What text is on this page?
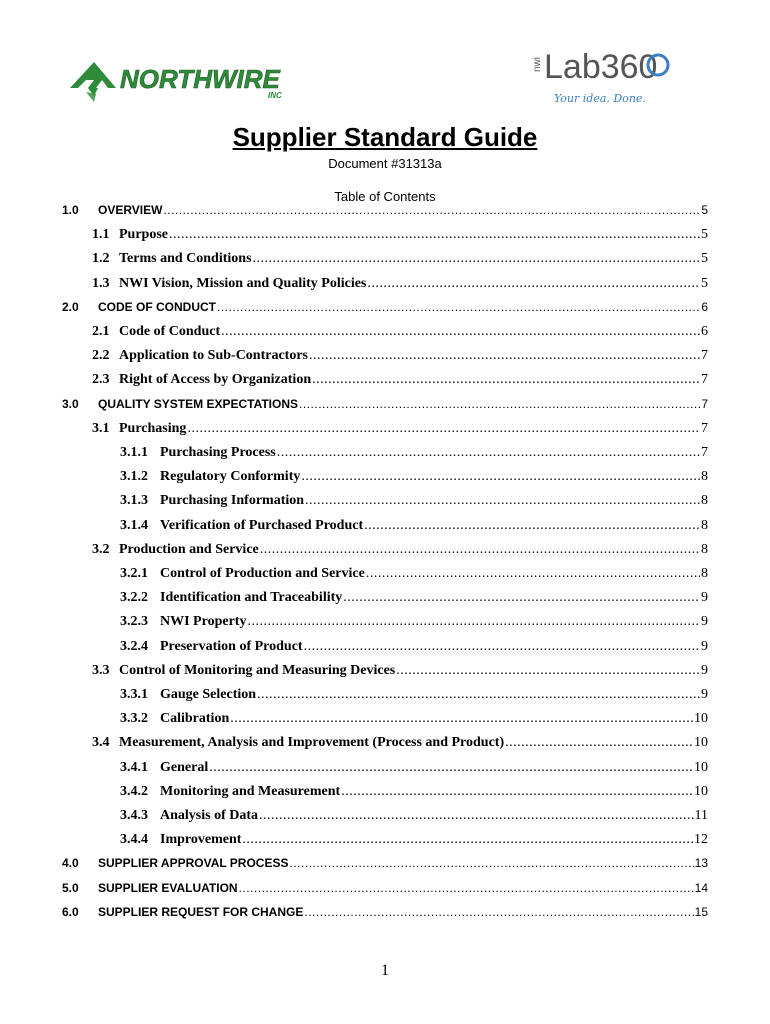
NORTHWIRE
INC
nwi Lab360
Your idea. Done.
Supplier Standard Guide
Document #31313a
Table of Contents
1.0	OVERVIEW .....	5
1.1 Purpose .....	5
1.2 Terms and Conditions .....	5
1.3 NWI Vision, Mission and Quality Policies .....	5
2.0	CODE OF CONDUCT .....	6
2.1 Code of Conduct .....	6
2.2 Application to Sub-Contractors .....	7
2.3 Right of Access by Organization .....	7
3.0	QUALITY SYSTEM EXPECTATIONS .....	7
3.1 Purchasing .....	7
3.1.1 Purchasing Process .....	7
3.1.2 Regulatory Conformity .....	8
3.1.3 Purchasing Information .....	8
3.1.4 Verification of Purchased Product .....	8
3.2 Production and Service .....	8
3.2.1 Control of Production and Service .....	8
3.2.2 Identification and Traceability .....	9
3.2.3 NWI Property .....	9
3.2.4 Preservation of Product .....	9
3.3 Control of Monitoring and Measuring Devices .....	9
3.3.1 Gauge Selection .....	9
3.3.2 Calibration .....	10
3.4 Measurement, Analysis and Improvement (Process and Product) .....	10
3.4.1 General .....	10
3.4.2 Monitoring and Measurement .....	10
3.4.3 Analysis of Data .....	11
3.4.4 Improvement .....	12
4.0	SUPPLIER APPROVAL PROCESS .....	13
5.0	SUPPLIER EVALUATION .....	14
6.0	SUPPLIER REQUEST FOR CHANGE .....	15
1
